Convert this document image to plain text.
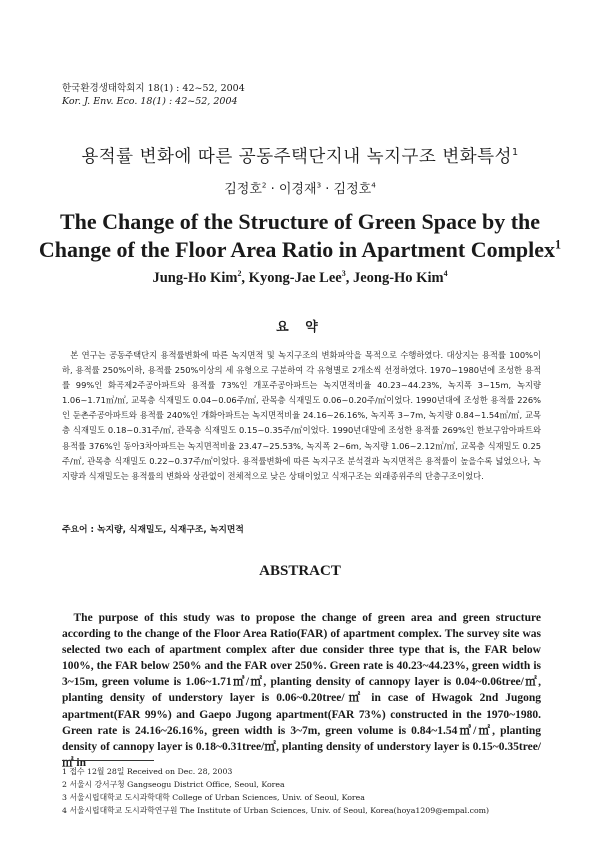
한국환경생태학회지 18(1) : 42~52, 2004
Kor. J. Env. Eco. 18(1) : 42~52, 2004
용적률 변화에 따른 공동주택단지내 녹지구조 변화특성$^1$
김정호$^2$ · 이경재$^3$ · 김정호$^4$
The Change of the Structure of Green Space by the
Change of the Floor Area Ratio in Apartment Complex$^1$
Jung-Ho Kim$^2$, Kyong-Jae Lee$^3$, Jeong-Ho Kim$^4$
요 약
본 연구는 공동주택단지 용적률변화에 따른 녹지면적 및 녹지구조의 변화파악을 목적으로 수행하였다. 대상지는 용적률 100%이하, 용적률 250%이하, 용적률 250%이상의 세 유형으로 구분하여 각 유형별로 2개소씩 선정하였다. 1970~1980년에 조성한 용적률 99%인 화곡제2주공아파트와 용적률 73%인 개포주공아파트는 녹지면적비율 40.23~44.23%, 녹지폭 3~15m, 녹지량 1.06~1.71㎥/㎡, 교목층 식재밀도 0.04~0.06주/㎡, 관목층 식재밀도 0.06~0.20주/㎡이었다. 1990년대에 조성한 용적률 226%인 둔촌주공아파트와 용적률 240%인 개화아파트는 녹지면적비율 24.16~26.16%, 녹지폭 3~7m, 녹지량 0.84~1.54㎥/㎡, 교목층 식재밀도 0.18~0.31주/㎡, 관목층 식재밀도 0.15~0.35주/㎡이었다. 1990년대말에 조성한 용적률 269%인 한보구암아파트와 용적률 376%인 동아3차아파트는 녹지면적비율 23.47~25.53%, 녹지폭 2~6m, 녹지량 1.06~2.12㎥/㎡, 교목층 식재밀도 0.25주/㎡, 관목층 식재밀도 0.22~0.37주/㎡이었다. 용적률변화에 따른 녹지구조 분석결과 녹지면적은 용적률이 높을수록 넓었으나, 녹지량과 식재밀도는 용적률의 변화와 상관없이 전체적으로 낮은 상태이었고 식재구조는 외래종위주의 단층구조이었다.
주요어 : 녹지량, 식재밀도, 식재구조, 녹지면적
ABSTRACT
The purpose of this study was to propose the change of green area and green structure according to the change of the Floor Area Ratio(FAR) of apartment complex. The survey site was selected two each of apartment complex after due consider three type that is, the FAR below 100%, the FAR below 250% and the FAR over 250%. Green rate is 40.23~44.23%, green width is 3~15m, green volume is 1.06~1.71㎥/㎡, planting density of cannopy layer is 0.04~0.06tree/㎡, planting density of understory layer is 0.06~0.20tree/㎡ in case of Hwagok 2nd Jugong apartment(FAR 99%) and Gaepo Jugong apartment(FAR 73%) constructed in the 1970~1980. Green rate is 24.16~26.16%, green width is 3~7m, green volume is 0.84~1.54㎥/㎡, planting density of cannopy layer is 0.18~0.31tree/㎡, planting density of understory layer is 0.15~0.35tree/㎡ in
1 접수 12월 28일 Received on Dec. 28, 2003
2 서울시 강서구청 Gangseogu District Office, Seoul, Korea
3 서울시립대학교 도시과학대학 College of Urban Sciences, Univ. of Seoul, Korea
4 서울시립대학교 도시과학연구원 The Institute of Urban Sciences, Univ. of Seoul, Korea(hoya1209@empal.com)
